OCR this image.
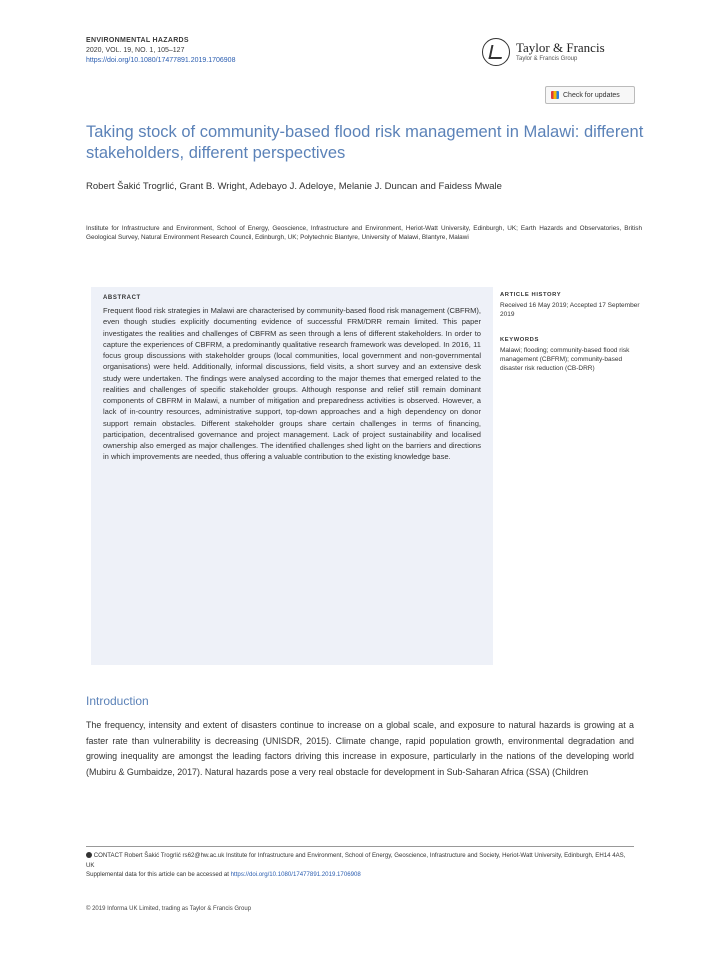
ENVIRONMENTAL HAZARDS
2020, VOL. 19, NO. 1, 105–127
https://doi.org/10.1080/17477891.2019.1706908
Taylor & Francis
Taylor & Francis Group
Check for updates
Taking stock of community-based flood risk management in Malawi: different stakeholders, different perspectives
Robert Šakić Trogrlić, Grant B. Wright, Adebayo J. Adeloye, Melanie J. Duncan and Faidess Mwale
Institute for Infrastructure and Environment, School of Energy, Geoscience, Infrastructure and Environment, Heriot-Watt University, Edinburgh, UK; Earth Hazards and Observatories, British Geological Survey, Natural Environment Research Council, Edinburgh, UK; Polytechnic Blantyre, University of Malawi, Blantyre, Malawi
ABSTRACT
Frequent flood risk strategies in Malawi are characterised by community-based flood risk management (CBFRM), even though studies explicitly documenting evidence of successful FRM/DRR remain limited. This paper investigates the realities and challenges of CBFRM as seen through a lens of different stakeholders. In order to capture the experiences of CBFRM, a predominantly qualitative research framework was developed. In 2016, 11 focus group discussions with stakeholder groups (local communities, local government and non-governmental organisations) were held. Additionally, informal discussions, field visits, a short survey and an extensive desk study were undertaken. The findings were analysed according to the major themes that emerged related to the realities and challenges of specific stakeholder groups. Although response and relief still remain dominant components of CBFRM in Malawi, a number of mitigation and preparedness activities is observed. However, a lack of in-country resources, administrative support, top-down approaches and a high dependency on donor support remain obstacles. Different stakeholder groups share certain challenges in terms of financing, participation, decentralised governance and project management. Lack of project sustainability and localised ownership also emerged as major challenges. The identified challenges shed light on the barriers and directions in which improvements are needed, thus offering a valuable contribution to the existing knowledge base.
ARTICLE HISTORY
Received 16 May 2019; Accepted 17 September 2019
KEYWORDS
Malawi; flooding; community-based flood risk management (CBFRM); community-based disaster risk reduction (CB-DRR)
Introduction
The frequency, intensity and extent of disasters continue to increase on a global scale, and exposure to natural hazards is growing at a faster rate than vulnerability is decreasing (UNISDR, 2015). Climate change, rapid population growth, environmental degradation and growing inequality are amongst the leading factors driving this increase in exposure, particularly in the nations of the developing world (Mubiru & Gumbaidze, 2017). Natural hazards pose a very real obstacle for development in Sub-Saharan Africa (SSA) (Children
CONTACT Robert Šakić Trogrlić rs62@hw.ac.uk Institute for Infrastructure and Environment, School of Energy, Geoscience, Infrastructure and Society, Heriot-Watt University, Edinburgh, EH14 4AS, UK
Supplemental data for this article can be accessed at https://doi.org/10.1080/17477891.2019.1706908
© 2019 Informa UK Limited, trading as Taylor & Francis Group
